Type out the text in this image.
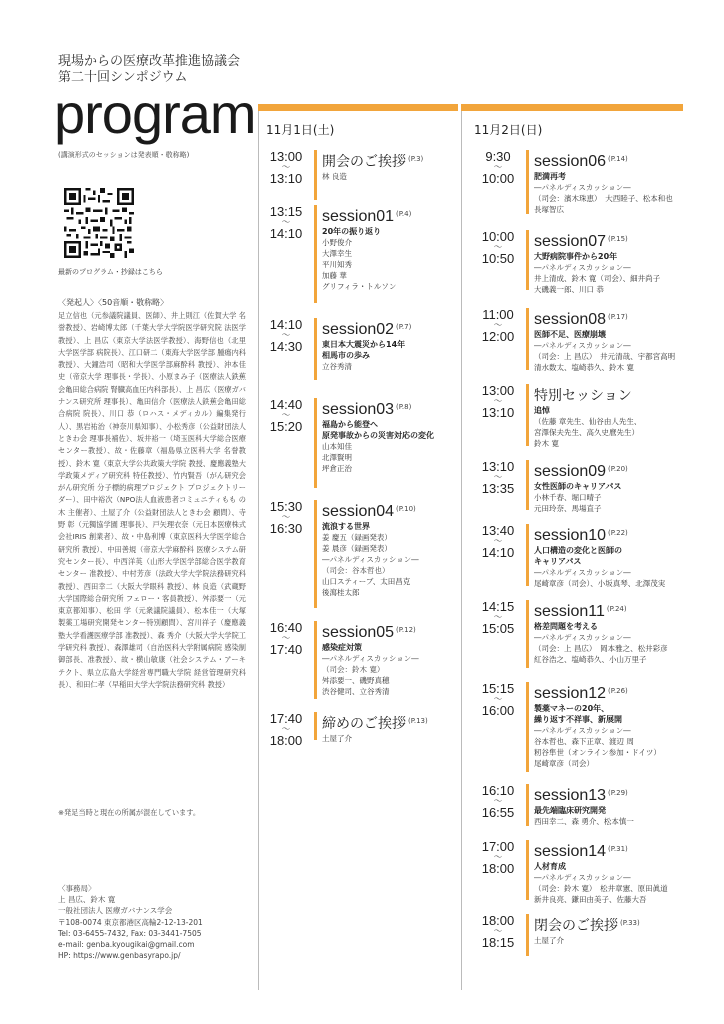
現場からの医療改革推進協議会
第二十回シンポジウム
program
(講演形式のセッションは発表順・敬称略)
最新のプログラム・抄録はこちら
〈発起人〉〈50音順・敬称略〉
足立信也（元参議院議員、医師）、井上則江（佐賀大学 名誉教授）、岩崎博太郎（千葉大学大学院医学研究院 法医学教授）、上 昌広（東京大学法医学教授）、海野信也（北里大学医学部 病院長）、江口研二（東海大学医学部 腫瘍内科教授）、大鐘浩司（昭和大学医学部麻酔科 教授）、沖本佳史（帝京大学 理事長・学長）、小原まみ子（医療法人鉄蕉会亀田総合病院 腎臓高血圧内科部長）、上 昌広（医療ガバナンス研究所 理事長）、亀田信介（医療法人鉄蕉会亀田総合病院 院長）、川口 恭（ロハス・メディカル）編集発行人）、黒岩祐治（神奈川県知事）、小松秀彦（公益財団法人ときわ会 理事長補佐）、坂井裕一（埼玉医科大学総合医療センター教授）、故・佐藤章（福島県立医科大学 名誉教授）、鈴木 寛（東京大学公共政策大学院 教授、慶應義塾大学政策メディア研究科 特任教授）、竹内賢吾（がん研究会がん研究所 分子標的病理プロジェクト プロジェクトリーダー）、田中裕次（NPO法人血液患者コミュニティもも の木 主催者）、土屋了介（公益財団法人ときわ会 顧問）、寺野 彰（元獨協学園 理事長）、戸矢理衣奈（元日本医療株式会社IRIS 創業者）、故・中島利博（東京医科大学医学総合研究所 教授）、中田善規（帝京大学麻酔科 医療システム研究センター長）、中西洋英（山形大学医学部総合医学教育センター 准教授）、中村芳彦（法政大学大学院法務研究科 教授）、西田幸二（大阪大学眼科 教授）、林 良造（武蔵野大学国際総合研究所 フェロー・客員教授）、舛添要一（元東京都知事）、松田 学（元衆議院議員）、松本佳一（大塚製薬工場研究開発センター特別顧問）、宮川祥子（慶應義塾大学看護医療学部 准教授）、森 秀介（大阪大学大学院工学研究科 教授）、森澤雄司（自治医科大学附属病院 感染制御部長、准教授）、故・横山敏康（社会システム・アーキテクト、県立広島大学経営専門職大学院 経営管理研究科長）、和田仁孝（早稲田大学大学院法務研究科 教授）
※発足当時と現在の所属が混在しています。
〈事務局〉
上 昌広、鈴木 寛
一般社団法人 医療ガバナンス学会
〒108-0074 東京都港区高輪2-12-13-201
Tel: 03-6455-7432, Fax: 03-3441-7505
e-mail: genba.kyougikai@gmail.com
HP: https://www.genbasyrapo.jp/
11月1日(土)	11月2日(日)
13:00
～
13:10
開会のご挨拶 $^{(P.3)}$
林 良造
13:15
～
14:10
session01 $^{(P.4)}$
20年の振り返り
小野俊介
大澤幸生
平川知秀
加藤 華
グリフィラ・トルソン
14:10
～
14:30
session02 $^{(P.7)}$
東日本大震災から14年
相馬市の歩み
立谷秀清
14:40
～
15:20
session03 $^{(P.8)}$
福島から能登へ
原発事故からの災害対応の変化
山本知佳
北澤賢明
坪倉正治
15:30
～
16:30
session04 $^{(P.10)}$
流浪する世界
姜 慶五（録画発表）
姜 晨彦（録画発表）
―パネルディスカッション―
（司会：谷本哲也）
山口スティーブ、太田昌克
後瀉桂太郎
16:40
～
17:40
session05 $^{(P.12)}$
感染症対策
―パネルディスカッション―
（司会：鈴木 寛）
舛添要一、磯野真穂
渋谷健司、立谷秀清
17:40
～
18:00
締めのご挨拶 $^{(P.13)}$
土屋了介
9:30
～
10:00
session06 $^{(P.14)}$
肥満再考
―パネルディスカッション―
（司会：濱木珠恵）　大西睦子、松本和也
長塚智広
10:00
～
10:50
session07 $^{(P.15)}$
大野病院事件から20年
―パネルディスカッション―
井上清成、鈴木 寛（司会）、細井尚子
大磯義一郎、川口 恭
11:00
～
12:00
session08 $^{(P.17)}$
医師不足、医療崩壊
―パネルディスカッション―
（司会：上 昌広）　井元清哉、宇都宮高明
清水数太、塩崎恭久、鈴木 寛
13:00
～
13:10
特別セッション
追悼
（佐藤 章先生、仙谷由人先生、
宮澤保夫先生、高久史麿先生）
鈴木 寛
13:10
～
13:35
session09 $^{(P.20)}$
女性医師のキャリアパス
小林千春、堀口晴子
元田玲奈、馬場直子
13:40
～
14:10
session10 $^{(P.22)}$
人口構造の変化と医師の
キャリアパス
―パネルディスカッション―
尾崎章彦（司会）、小坂真琴、北澤茂実
14:15
～
15:05
session11 $^{(P.24)}$
格差問題を考える
―パネルディスカッション―
（司会：上 昌広）　岡本雅之、松井彩彦
紅谷浩之、塩崎恭久、小山万里子
15:15
～
16:00
session12 $^{(P.26)}$
製薬マネーの20年、
繰り返す不祥事、新展開
―パネルディスカッション―
谷本哲也、森下正章、渡辺 周
籾谷隼世（オンライン参加・ドイツ）
尾崎章彦（司会）
16:10
～
16:55
session13 $^{(P.29)}$
最先端臨床研究開発
西田幸二、森 勇介、松本慎一
17:00
～
18:00
session14 $^{(P.31)}$
人材育成
―パネルディスカッション―
（司会：鈴木 寛）　松井章憲、原田眞道
新井良亮、鎌田由美子、佐藤大吾
18:00
～
18:15
閉会のご挨拶 $^{(P.33)}$
土屋了介
